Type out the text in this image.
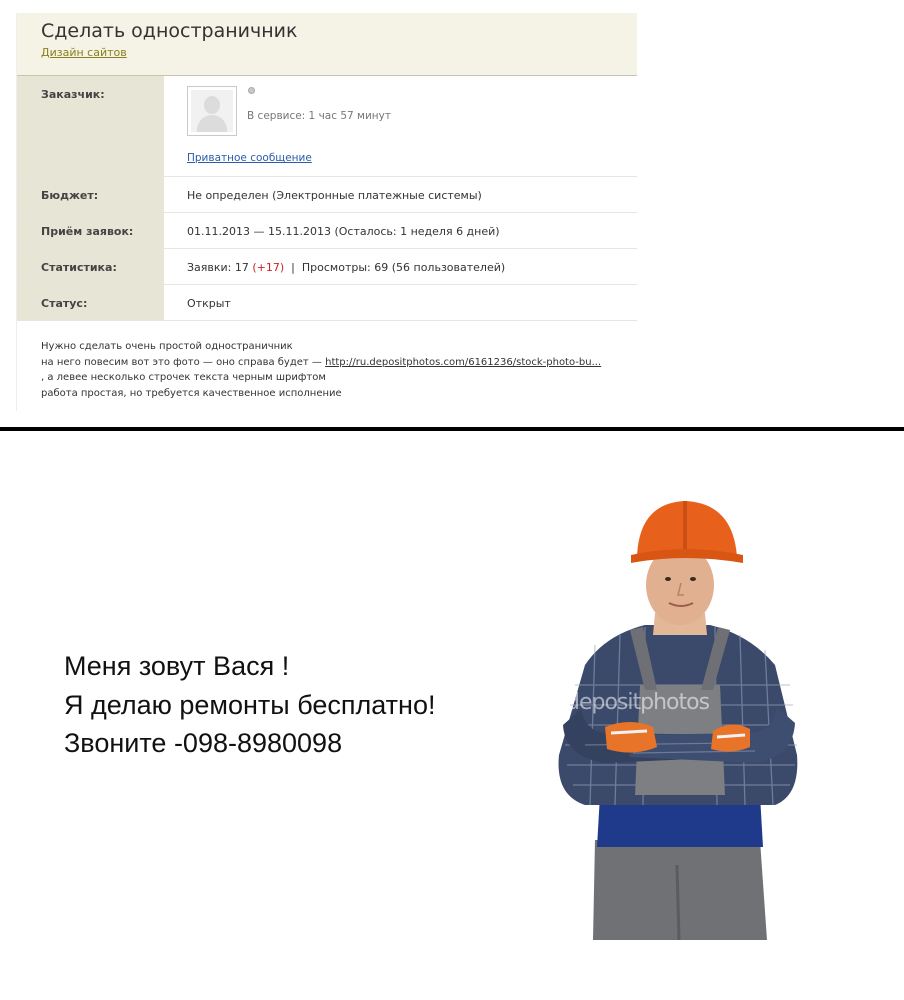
Сделать одностраничник
Дизайн сайтов
Заказчик:
В сервисе: 1 час 57 минут
Приватное сообщение
Бюджет:	Не определен (Электронные платежные системы)
Приём заявок:	01.11.2013 — 15.11.2013 (Осталось: 1 неделя 6 дней)
Статистика:	Заявки: 17 (+17)  |  Просмотры: 69 (56 пользователей)
Статус:	Открыт
Нужно сделать очень простой одностраничник
на него повесим вот это фото — оно справа будет — http://ru.depositphotos.com/6161236/stock-photo-bu...
, а левее несколько строчек текста черным шрифтом
работа простая, но требуется качественное исполнение
Меня зовут Вася !
Я делаю ремонты бесплатно!
Звоните -098-8980098
depositphotos
